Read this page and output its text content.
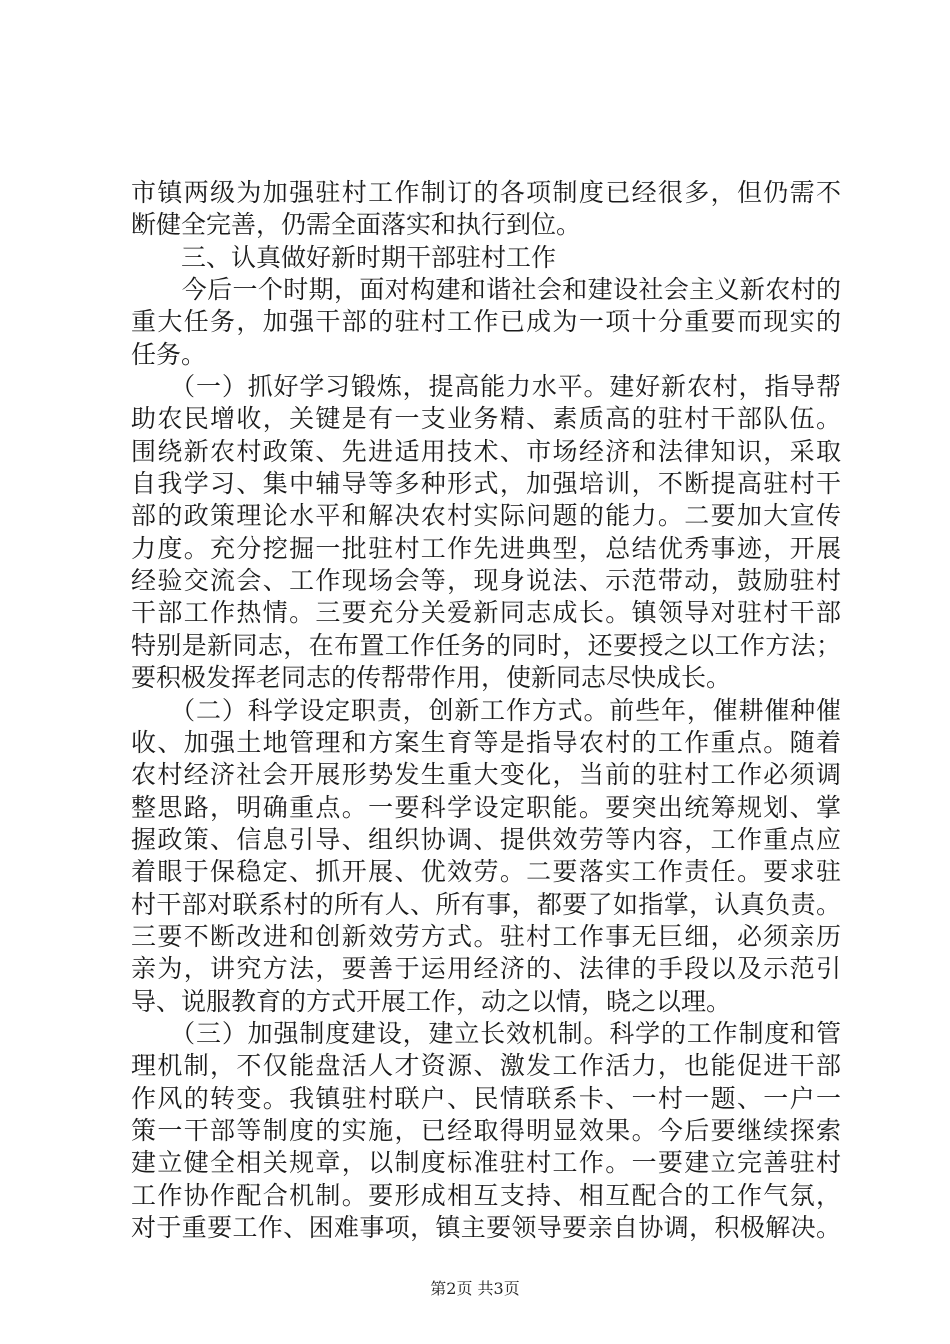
市镇两级为加强驻村工作制订的各项制度已经很多，但仍需不
断健全完善，仍需全面落实和执行到位。
　　三、认真做好新时期干部驻村工作
　　今后一个时期，面对构建和谐社会和建设社会主义新农村的
重大任务，加强干部的驻村工作已成为一项十分重要而现实的
任务。
　　（一）抓好学习锻炼，提高能力水平。建好新农村，指导帮
助农民增收，关键是有一支业务精、素质高的驻村干部队伍。
围绕新农村政策、先进适用技术、市场经济和法律知识，采取
自我学习、集中辅导等多种形式，加强培训，不断提高驻村干
部的政策理论水平和解决农村实际问题的能力。二要加大宣传
力度。充分挖掘一批驻村工作先进典型，总结优秀事迹，开展
经验交流会、工作现场会等，现身说法、示范带动，鼓励驻村
干部工作热情。三要充分关爱新同志成长。镇领导对驻村干部
特别是新同志，在布置工作任务的同时，还要授之以工作方法；
要积极发挥老同志的传帮带作用，使新同志尽快成长。
　　（二）科学设定职责，创新工作方式。前些年，催耕催种催
收、加强土地管理和方案生育等是指导农村的工作重点。随着
农村经济社会开展形势发生重大变化，当前的驻村工作必须调
整思路，明确重点。一要科学设定职能。要突出统筹规划、掌
握政策、信息引导、组织协调、提供效劳等内容，工作重点应
着眼于保稳定、抓开展、优效劳。二要落实工作责任。要求驻
村干部对联系村的所有人、所有事，都要了如指掌，认真负责。
三要不断改进和创新效劳方式。驻村工作事无巨细，必须亲历
亲为，讲究方法，要善于运用经济的、法律的手段以及示范引
导、说服教育的方式开展工作，动之以情，晓之以理。
　　（三）加强制度建设，建立长效机制。科学的工作制度和管
理机制，不仅能盘活人才资源、激发工作活力，也能促进干部
作风的转变。我镇驻村联户、民情联系卡、一村一题、一户一
策一干部等制度的实施，已经取得明显效果。今后要继续探索
建立健全相关规章，以制度标准驻村工作。一要建立完善驻村
工作协作配合机制。要形成相互支持、相互配合的工作气氛，
对于重要工作、困难事项，镇主要领导要亲自协调，积极解决。
第2页 共3页
